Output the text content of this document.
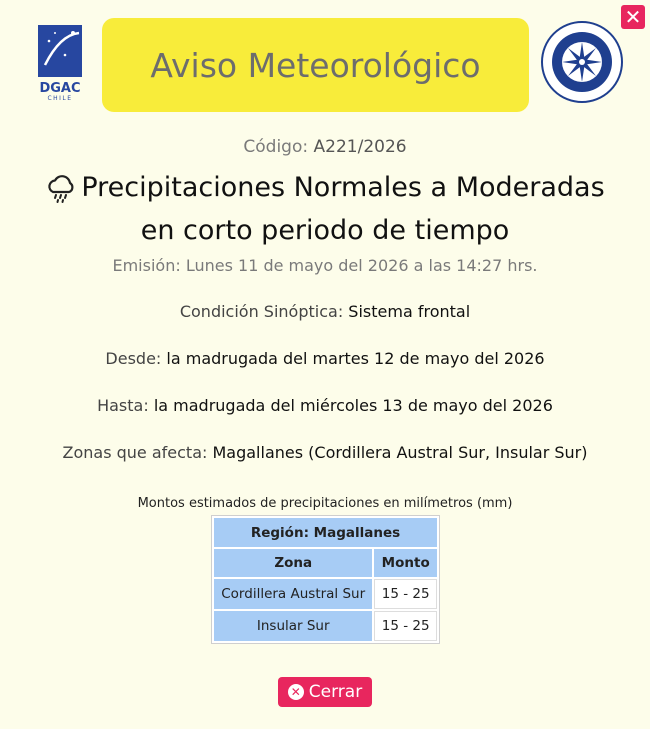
✕
DGAC
CHILE
Aviso Meteorológico
Código: A221/2026
Precipitaciones Normales a Moderadas

en corto periodo de tiempo
Emisión: Lunes 11 de mayo del 2026 a las 14:27 hrs.
Condición Sinóptica: Sistema frontal
Desde: la madrugada del martes 12 de mayo del 2026
Hasta: la madrugada del miércoles 13 de mayo del 2026
Zonas que afecta: Magallanes (Cordillera Austral Sur, Insular Sur)
Montos estimados de precipitaciones en milímetros (mm)
Región: Magallanes	
Zona	Monto
Cordillera Austral Sur	15 - 25
Insular Sur	15 - 25
✕ Cerrar
